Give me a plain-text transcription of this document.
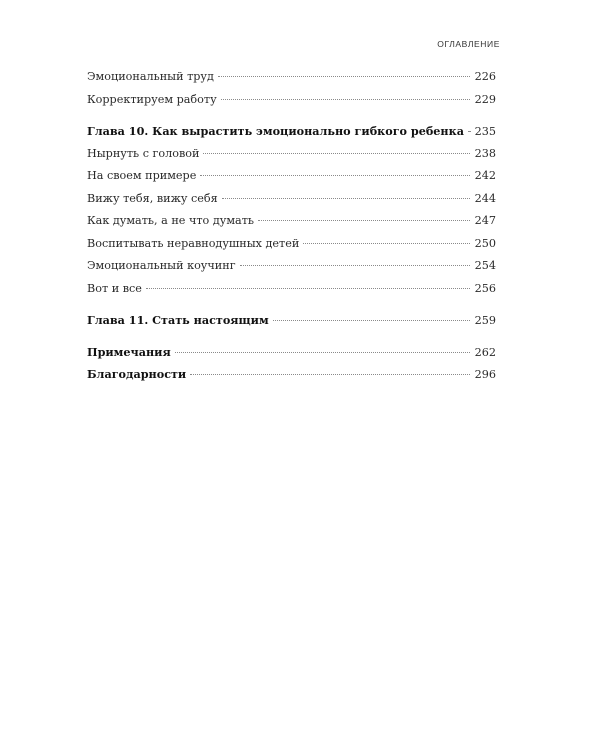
ОГЛАВЛЕНИЕ
Эмоциональный труд	226
Корректируем работу	229
Глава 10. Как вырастить эмоционально гибкого ребенка 235
Нырнуть с головой	238
На своем примере	242
Вижу тебя, вижу себя	244
Как думать, а не что думать	247
Воспитывать неравнодушных детей	250
Эмоциональный коучинг	254
Вот и все	256
Глава 11. Стать настоящим	259
Примечания	262
Благодарности	296
